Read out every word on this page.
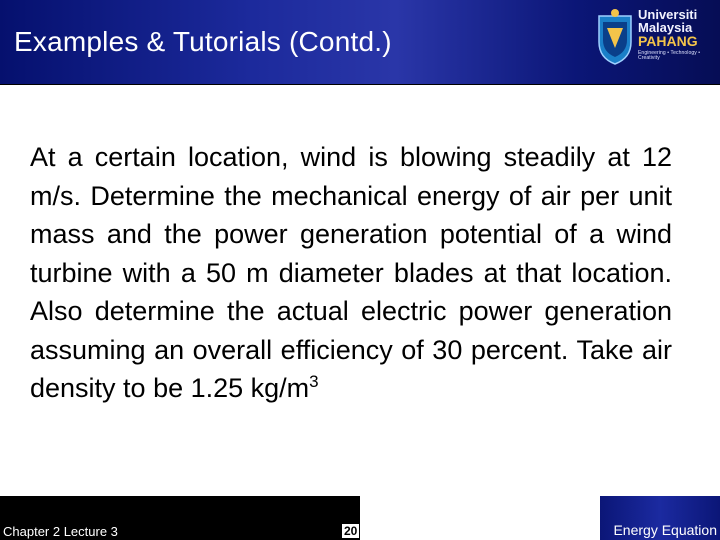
Examples & Tutorials (Contd.)
Universiti
Malaysia
PAHANG
Engineering • Technology • Creativity
At a certain location, wind is blowing steadily at 12 m/s. Determine the mechanical energy of air per unit mass and the power generation potential of a wind turbine with a 50 m diameter blades at that location. Also determine the actual electric power generation assuming an overall efficiency of 30 percent. Take air density to be 1.25 $kg/m^3$
Chapter 2 Lecture 3	20	Energy Equation
